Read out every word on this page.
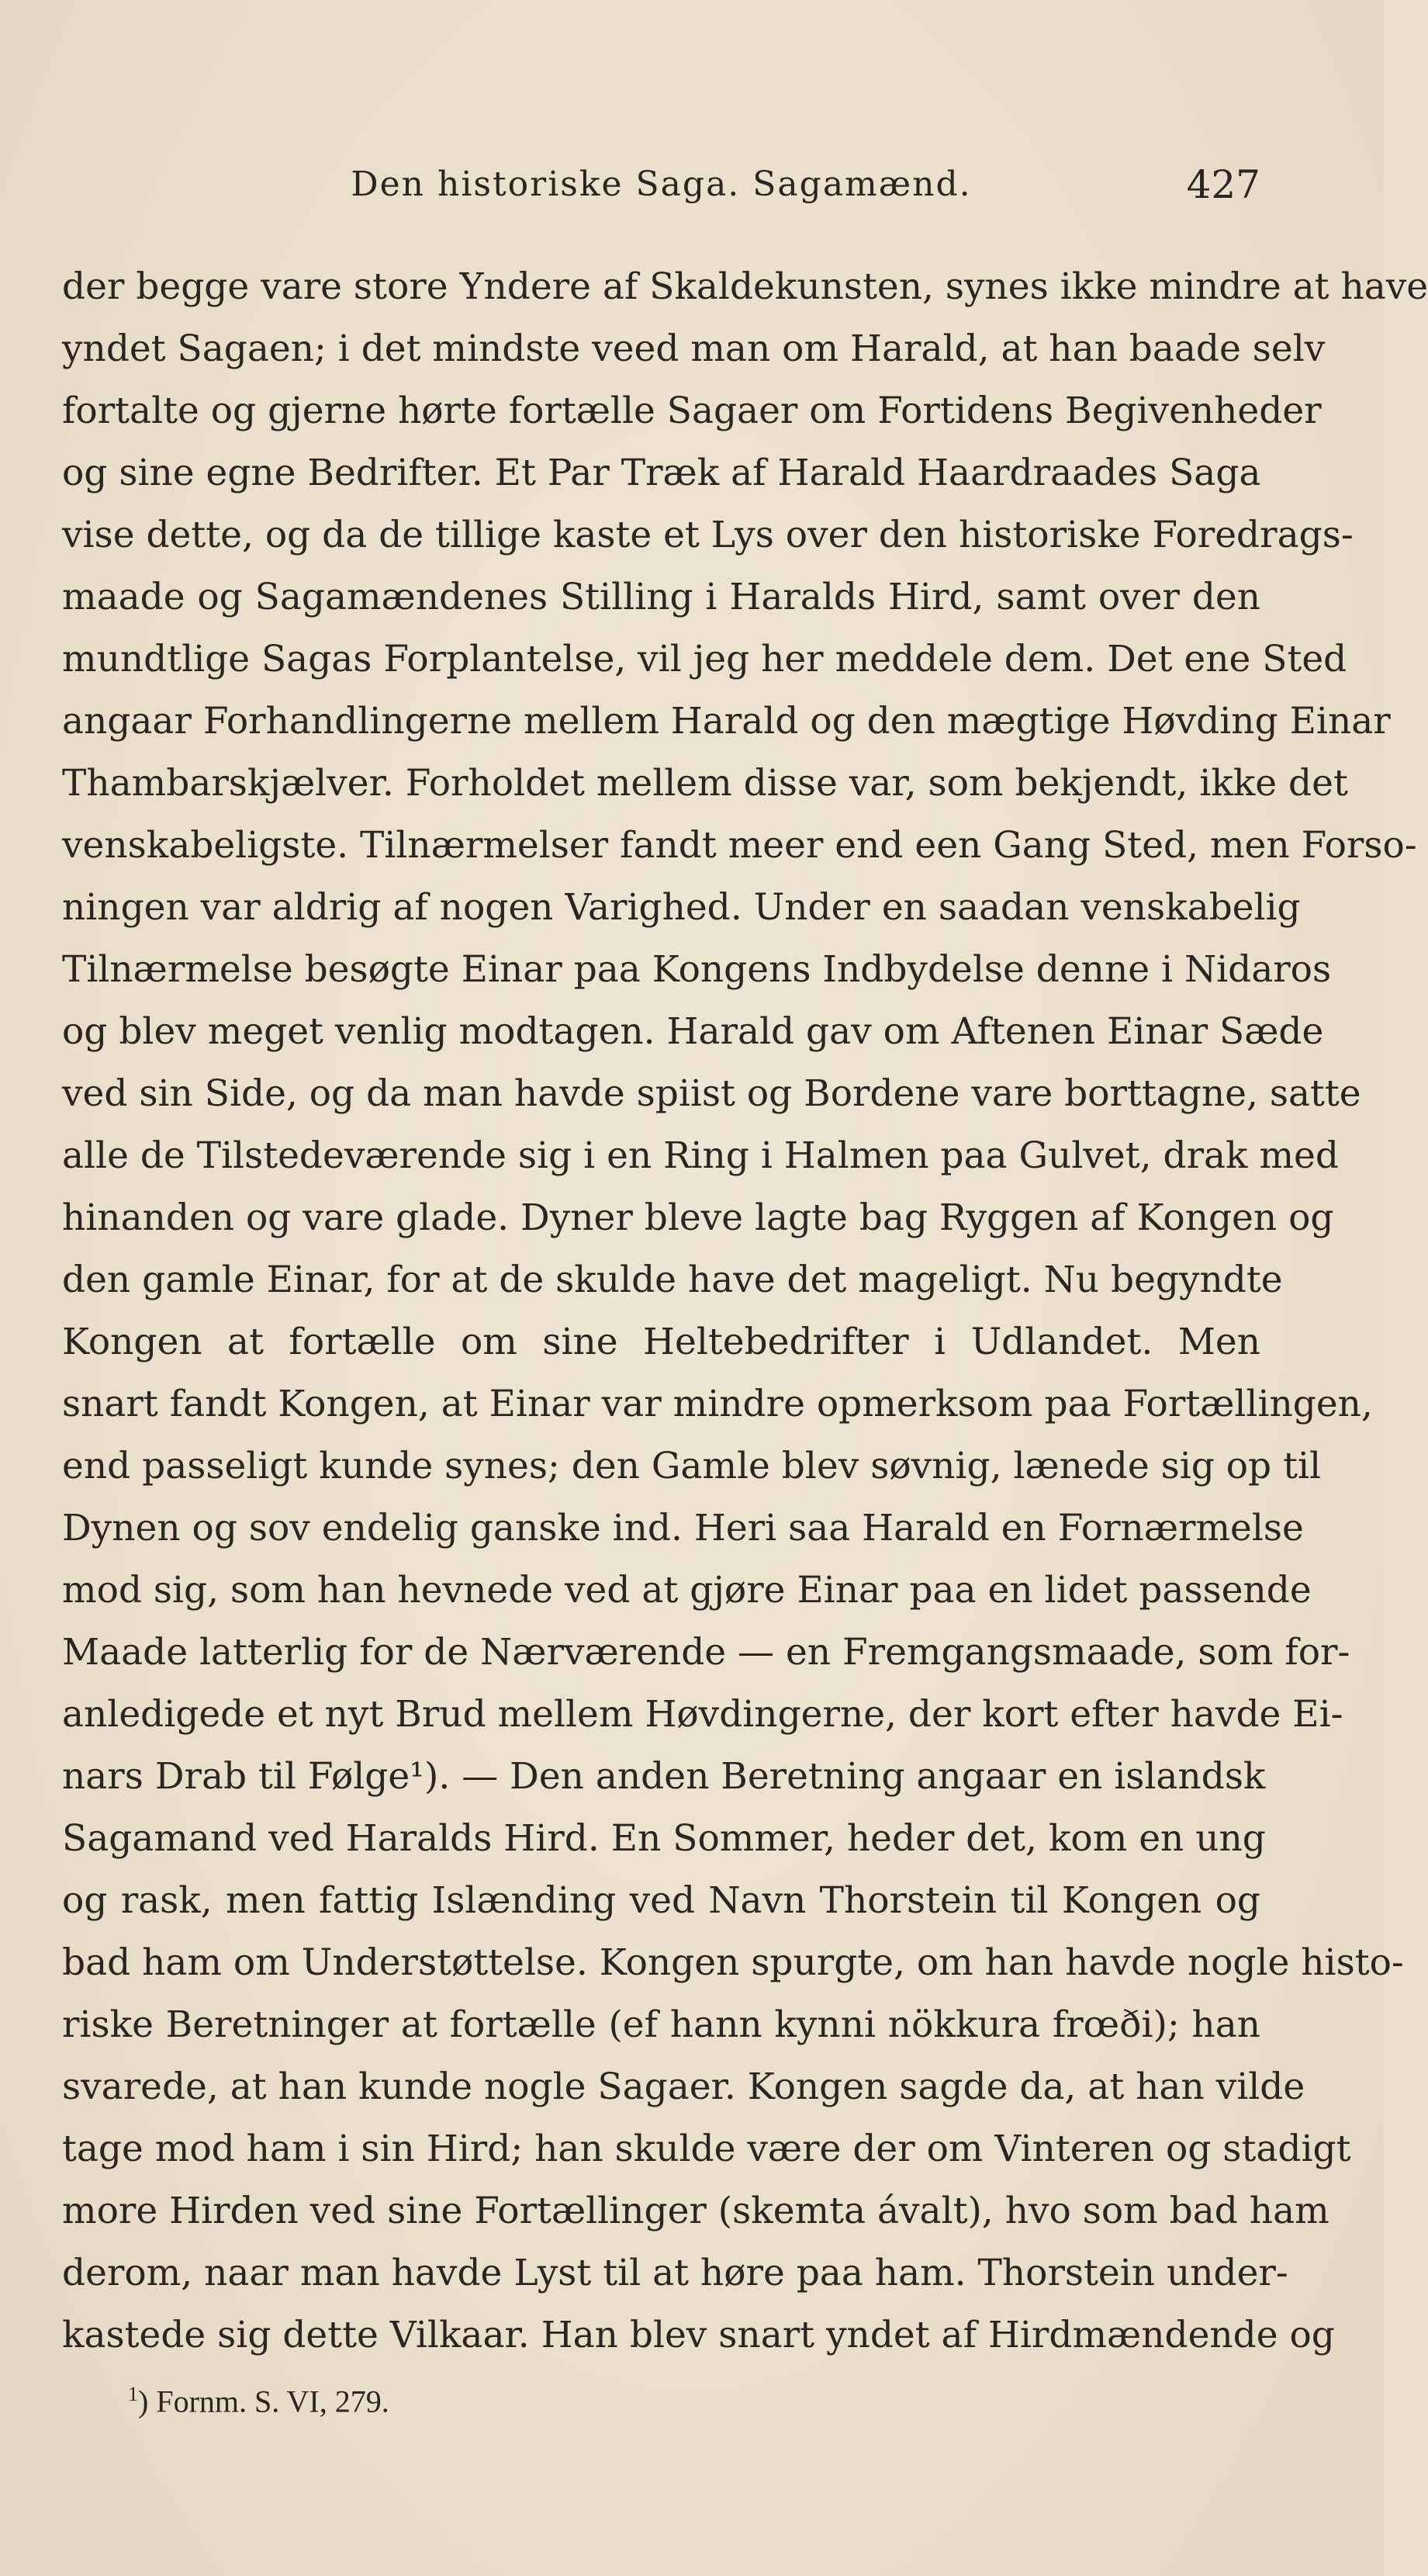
Den historiske Saga. Sagamænd.	427
der begge vare store Yndere af Skaldekunsten, synes ikke mindre at have
yndet Sagaen; i det mindste veed man om Harald, at han baade selv
fortalte og gjerne hørte fortælle Sagaer om Fortidens Begivenheder
og sine egne Bedrifter. Et Par Træk af Harald Haardraades Saga
vise dette, og da de tillige kaste et Lys over den historiske Foredrags-
maade og Sagamændenes Stilling i Haralds Hird, samt over den
mundtlige Sagas Forplantelse, vil jeg her meddele dem. Det ene Sted
angaar Forhandlingerne mellem Harald og den mægtige Høvding Einar
Thambarskjælver. Forholdet mellem disse var, som bekjendt, ikke det
venskabeligste. Tilnærmelser fandt meer end een Gang Sted, men Forso-
ningen var aldrig af nogen Varighed. Under en saadan venskabelig
Tilnærmelse besøgte Einar paa Kongens Indbydelse denne i Nidaros
og blev meget venlig modtagen. Harald gav om Aftenen Einar Sæde
ved sin Side, og da man havde spiist og Bordene vare borttagne, satte
alle de Tilstedeværende sig i en Ring i Halmen paa Gulvet, drak med
hinanden og vare glade. Dyner bleve lagte bag Ryggen af Kongen og
den gamle Einar, for at de skulde have det mageligt. Nu begyndte
Kongen at fortælle om sine Heltebedrifter i Udlandet. Men
snart fandt Kongen, at Einar var mindre opmerksom paa Fortællingen,
end passeligt kunde synes; den Gamle blev søvnig, lænede sig op til
Dynen og sov endelig ganske ind. Heri saa Harald en Fornærmelse
mod sig, som han hevnede ved at gjøre Einar paa en lidet passende
Maade latterlig for de Nærværende — en Fremgangsmaade, som for-
anledigede et nyt Brud mellem Høvdingerne, der kort efter havde Ei-
nars Drab til Følge¹). — Den anden Beretning angaar en islandsk
Sagamand ved Haralds Hird. En Sommer, heder det, kom en ung
og rask, men fattig Islænding ved Navn Thorstein til Kongen og
bad ham om Understøttelse. Kongen spurgte, om han havde nogle histo-
riske Beretninger at fortælle (ef hann kynni nökkura frœði); han
svarede, at han kunde nogle Sagaer. Kongen sagde da, at han vilde
tage mod ham i sin Hird; han skulde være der om Vinteren og stadigt
more Hirden ved sine Fortællinger (skemta ávalt), hvo som bad ham
derom, naar man havde Lyst til at høre paa ham. Thorstein under-
kastede sig dette Vilkaar. Han blev snart yndet af Hirdmændende og
$^1$) Fornm. S. VI, 279.
